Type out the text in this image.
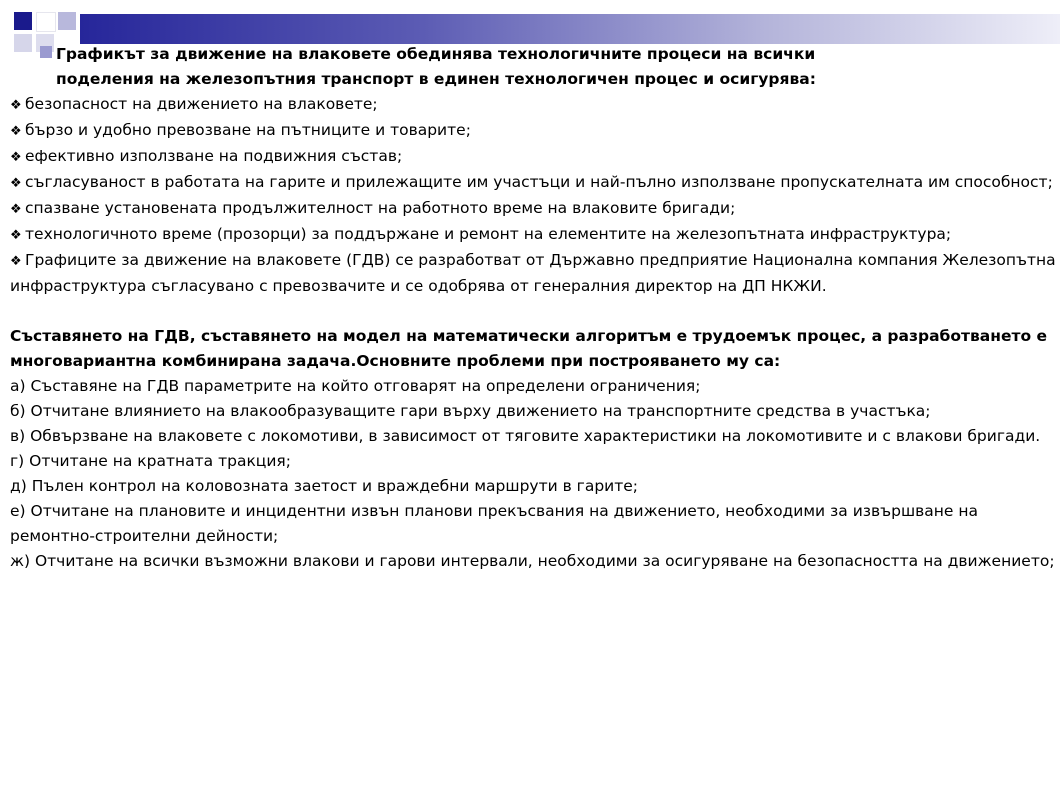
Графикът за движение на влаковете обединява технологичните процеси на всички
поделения на железопътния транспорт в единен технологичен процес и осигурява:

❖ безопасност на движението на влаковете;

❖ бързо и удобно превозване на пътниците и товарите;

❖ ефективно използване на подвижния състав;

❖ съгласуваност в работата на гарите и прилежащите им участъци и най-пълно използване пропускателната им способност;

❖ спазване установената продължителност на работното време на влаковите бригади;

❖ технологичното време (прозорци) за поддържане и ремонт на елементите на железопътната инфраструктура;

❖ Графиците за движение на влаковете (ГДВ) се разработват от Държавно предприятие Национална компания Железопътна инфраструктура съгласувано с превозвачите и се одобрява от генералния директор на ДП НКЖИ.

Съставянето на ГДВ, съставянето на модел на математически алгоритъм е трудоемък процес, а разработването е многовариантна комбинирана задача.Основните проблеми при построяването му са:

а) Съставяне на ГДВ параметрите на който отговарят на определени ограничения;

б) Отчитане влиянието на влакообразуващите гари върху движението на транспортните средства в участъка;

в) Обвързване на влаковете с локомотиви, в зависимост от тяговите характеристики на локомотивите и с влакови бригади.

г) Отчитане на кратната тракция;

д) Пълен контрол на коловозната заетост и враждебни маршрути в гарите;

е) Отчитане на плановите и инцидентни извън планови прекъсвания на движението, необходими за извършване на ремонтно-строителни дейности;

ж) Отчитане на всички възможни влакови и гарови интервали, необходими за осигуряване на безопасността на движението;
